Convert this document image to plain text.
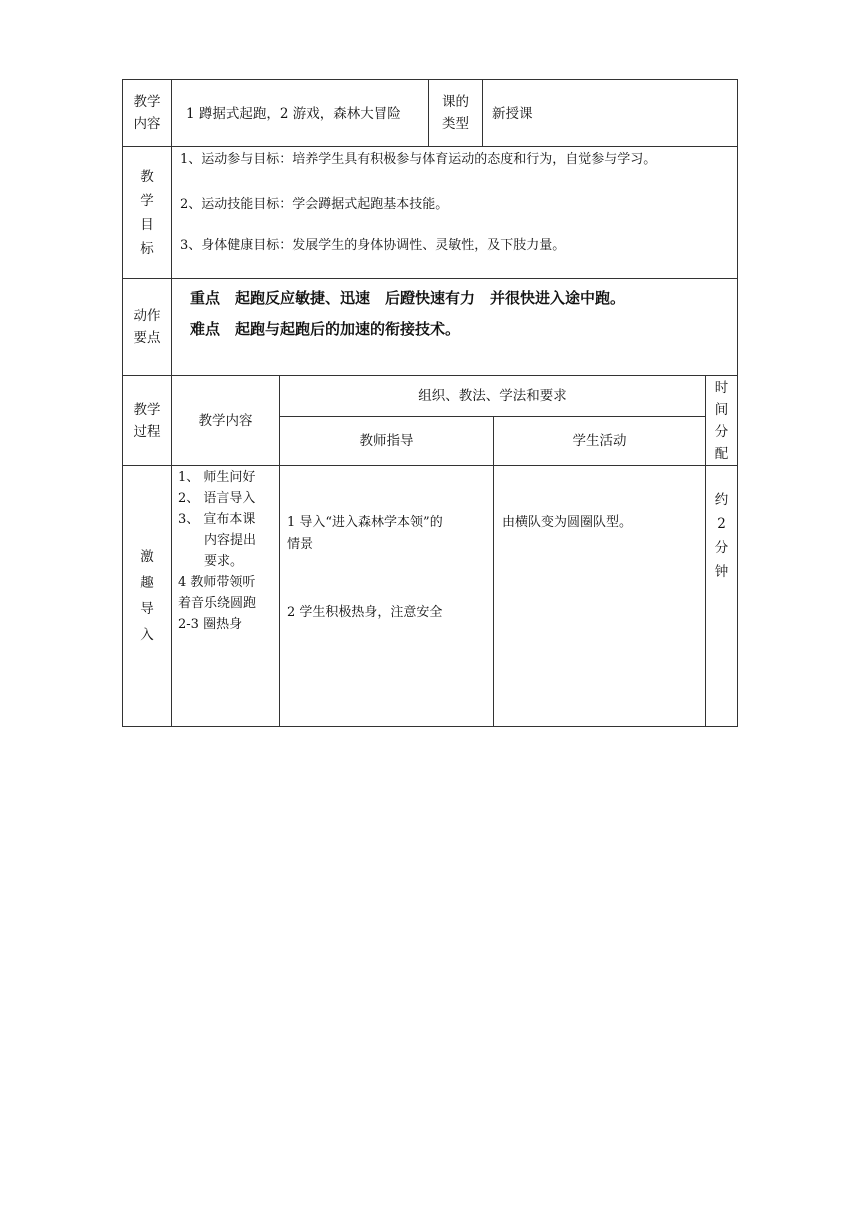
教学
内容
1 蹲据式起跑，2 游戏，森林大冒险
课的
类型
新授课
教
学
目
标
1、运动参与目标：培养学生具有积极参与体育运动的态度和行为，自觉参与学习。
2、运动技能目标：学会蹲据式起跑基本技能。
3、身体健康目标：发展学生的身体协调性、灵敏性，及下肢力量。
动作
要点
重点　起跑反应敏捷、迅速　后蹬快速有力　并很快进入途中跑。
难点　起跑与起跑后的加速的衔接技术。
教学
过程
教学内容
组织、教法、学法和要求
教师指导	学生活动
时
间
分
配
激
趣
导
入
1、 师生问好
2、 语言导入
3、 宣布本课
内容提出
要求。
4 教师带领听
着音乐绕圆跑
2-3 圈热身
1 导入“进入森林学本领”的
情景
2 学生积极热身，注意安全
由横队变为圆圈队型。
约
2
分
钟
